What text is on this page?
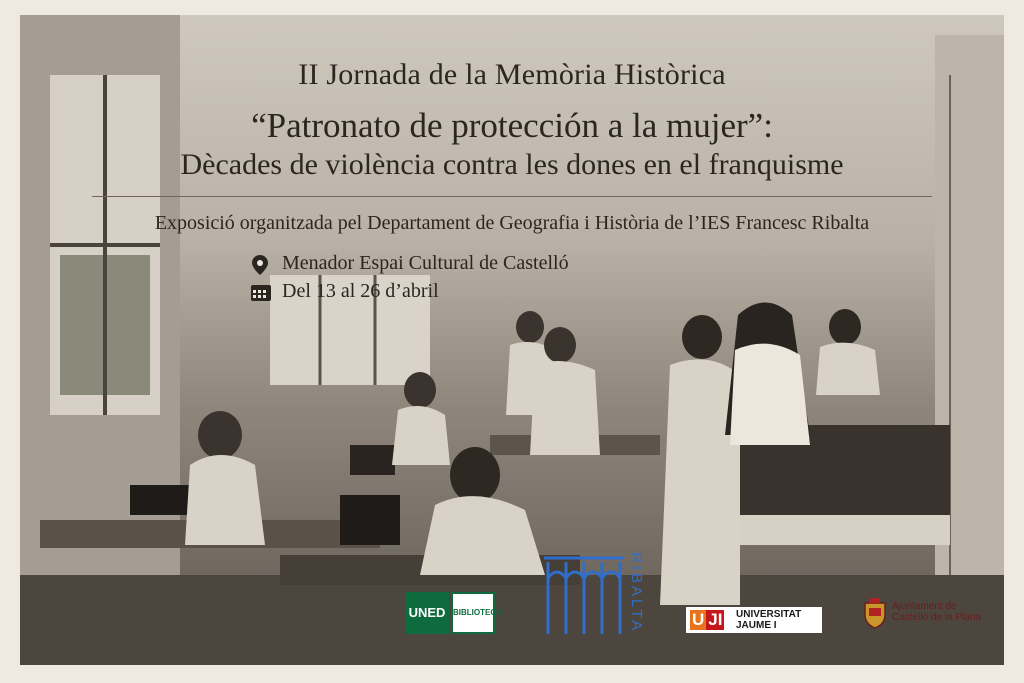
II Jornada de la Memòria Històrica
“Patronato de protección a la mujer”:
Dècades de violència contra les dones en el franquisme
Exposició organitzada pel Departament de Geografia i Història de l’IES Francesc Ribalta
Menador Espai Cultural de Castelló
Del 13 al 26 d’abril
UNED BIBLIOTECA	RIBALTA	U JI UNIVERSITAT
JAUME I
Ajuntament de
Castelló de la Plana
